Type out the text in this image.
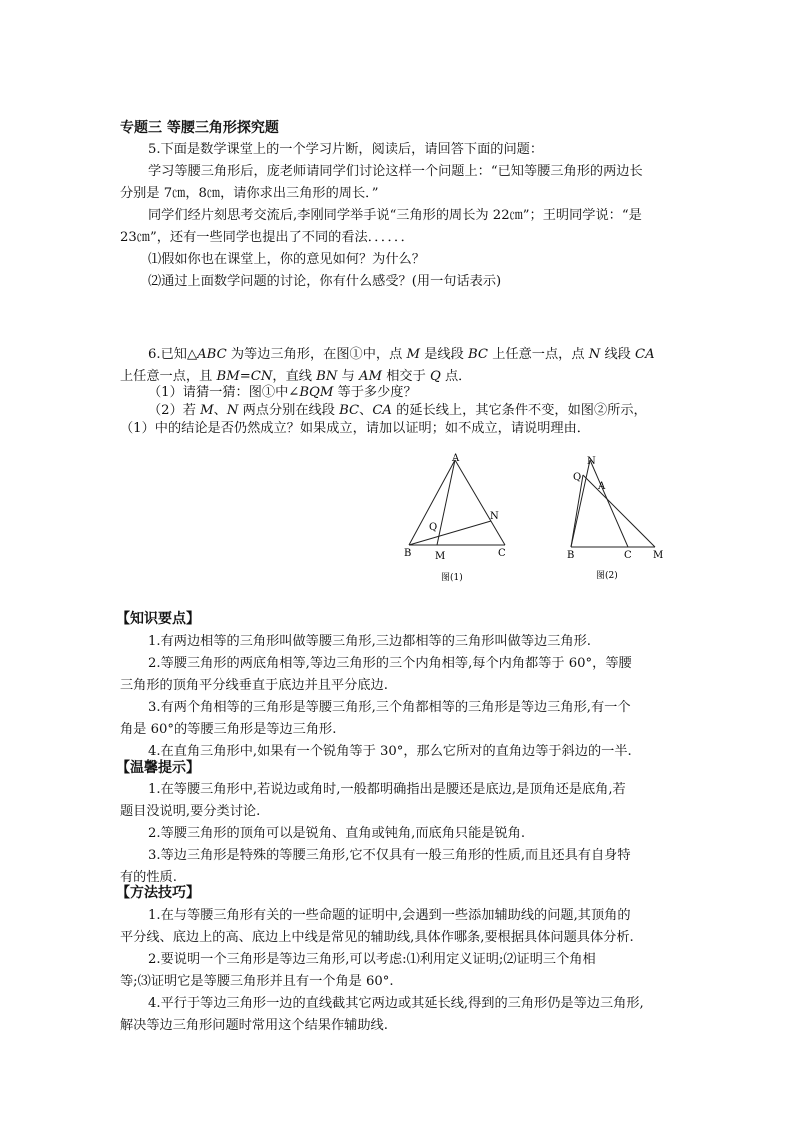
专题三 等腰三角形探究题
5.下面是数学课堂上的一个学习片断，阅读后，请回答下面的问题：
学习等腰三角形后，庞老师请同学们讨论这样一个问题上：“已知等腰三角形的两边长
分别是 7㎝，8㎝，请你求出三角形的周长．”
同学们经片刻思考交流后,李刚同学举手说“三角形的周长为 22㎝”；王明同学说：“是
23㎝”，还有一些同学也提出了不同的看法．．．．．．
⑴假如你也在课堂上，你的意见如何？为什么？
⑵通过上面数学问题的讨论，你有什么感受？(用一句话表示)
6.已知△ABC 为等边三角形，在图①中，点 M 是线段 BC 上任意一点，点 N 线段 CA
上任意一点，且 BM=CN，直线 BN 与 AM 相交于 Q 点．
（1）请猜一猜：图①中∠BQM 等于多少度？
（2）若 M、N 两点分别在线段 BC、CA 的延长线上，其它条件不变，如图②所示，
（1）中的结论是否仍然成立？如果成立，请加以证明；如不成立，请说明理由．
A
B	C
M
N
Q
图(1)
N
Q
A
B	C M
图(2)
【知识要点】
1.有两边相等的三角形叫做等腰三角形,三边都相等的三角形叫做等边三角形.
2.等腰三角形的两底角相等,等边三角形的三个内角相等,每个内角都等于 60°，等腰
三角形的顶角平分线垂直于底边并且平分底边.
3.有两个角相等的三角形是等腰三角形,三个角都相等的三角形是等边三角形,有一个
角是 60°的等腰三角形是等边三角形.
4.在直角三角形中,如果有一个锐角等于 30°，那么它所对的直角边等于斜边的一半.
【温馨提示】
1.在等腰三角形中,若说边或角时,一般都明确指出是腰还是底边,是顶角还是底角,若
题目没说明,要分类讨论.
2.等腰三角形的顶角可以是锐角、直角或钝角,而底角只能是锐角.
3.等边三角形是特殊的等腰三角形,它不仅具有一般三角形的性质,而且还具有自身特
有的性质.
【方法技巧】
1.在与等腰三角形有关的一些命题的证明中,会遇到一些添加辅助线的问题,其顶角的
平分线、底边上的高、底边上中线是常见的辅助线,具体作哪条,要根据具体问题具体分析.
2.要说明一个三角形是等边三角形,可以考虑:⑴利用定义证明;⑵证明三个角相
等;⑶证明它是等腰三角形并且有一个角是 60°.
4.平行于等边三角形一边的直线截其它两边或其延长线,得到的三角形仍是等边三角形,
解决等边三角形问题时常用这个结果作辅助线.
